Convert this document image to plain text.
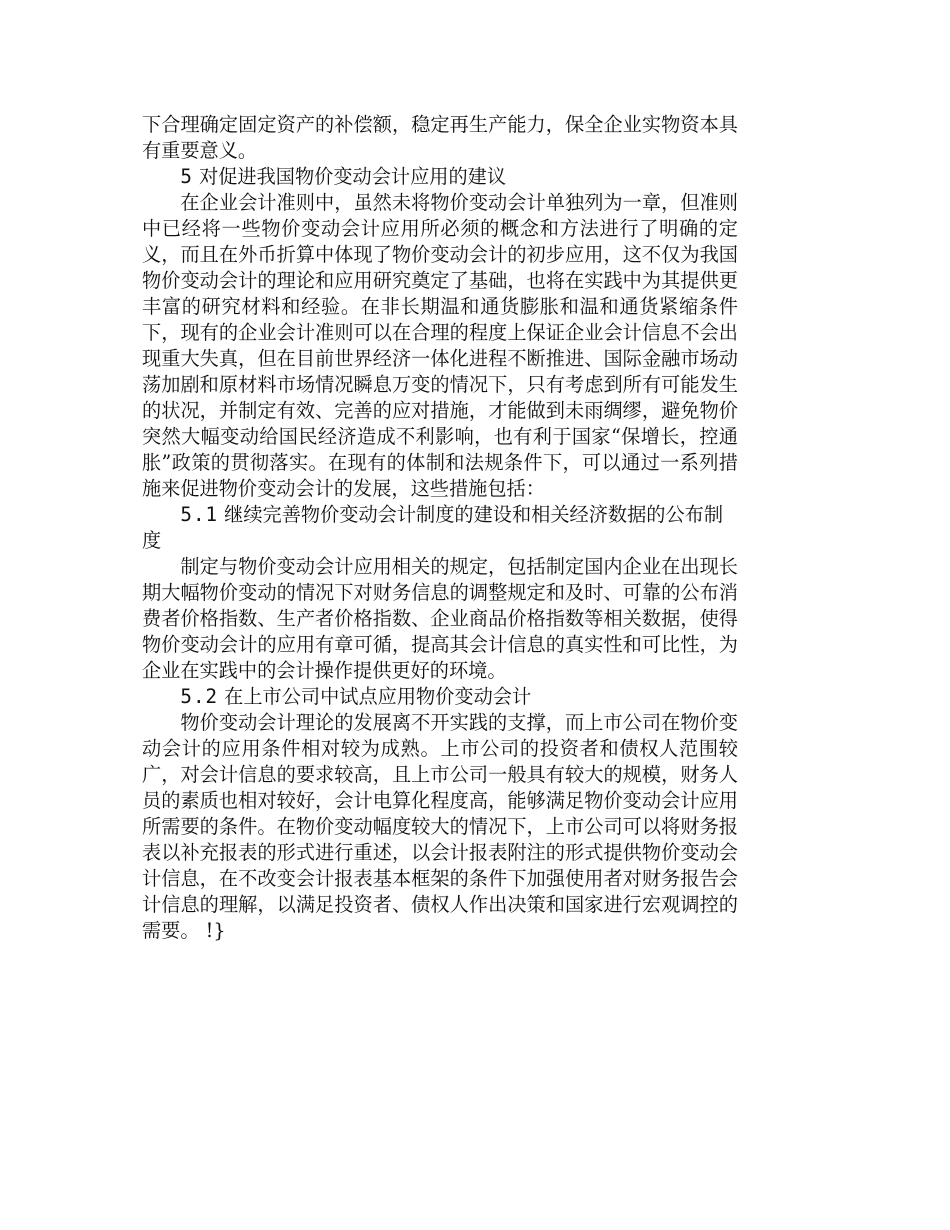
下合理确定固定资产的补偿额，稳定再生产能力，保全企业实物资本具有重要意义。

5 对促进我国物价变动会计应用的建议

在企业会计准则中，虽然未将物价变动会计单独列为一章，但准则中已经将一些物价变动会计应用所必须的概念和方法进行了明确的定义，而且在外币折算中体现了物价变动会计的初步应用，这不仅为我国物价变动会计的理论和应用研究奠定了基础，也将在实践中为其提供更丰富的研究材料和经验。在非长期温和通货膨胀和温和通货紧缩条件下，现有的企业会计准则可以在合理的程度上保证企业会计信息不会出现重大失真，但在目前世界经济一体化进程不断推进、国际金融市场动荡加剧和原材料市场情况瞬息万变的情况下，只有考虑到所有可能发生的状况，并制定有效、完善的应对措施，才能做到未雨绸缪，避免物价突然大幅变动给国民经济造成不利影响，也有利于国家“保增长，控通胀”政策的贯彻落实。在现有的体制和法规条件下，可以通过一系列措施来促进物价变动会计的发展，这些措施包括：

5.1 继续完善物价变动会计制度的建设和相关经济数据的公布制度

制定与物价变动会计应用相关的规定，包括制定国内企业在出现长期大幅物价变动的情况下对财务信息的调整规定和及时、可靠的公布消费者价格指数、生产者价格指数、企业商品价格指数等相关数据，使得物价变动会计的应用有章可循，提高其会计信息的真实性和可比性，为企业在实践中的会计操作提供更好的环境。

5.2 在上市公司中试点应用物价变动会计

物价变动会计理论的发展离不开实践的支撑，而上市公司在物价变动会计的应用条件相对较为成熟。上市公司的投资者和债权人范围较广，对会计信息的要求较高，且上市公司一般具有较大的规模，财务人员的素质也相对较好，会计电算化程度高，能够满足物价变动会计应用所需要的条件。在物价变动幅度较大的情况下，上市公司可以将财务报表以补充报表的形式进行重述，以会计报表附注的形式提供物价变动会计信息，在不改变会计报表基本框架的条件下加强使用者对财务报告会计信息的理解，以满足投资者、债权人作出决策和国家进行宏观调控的需要。 !}
